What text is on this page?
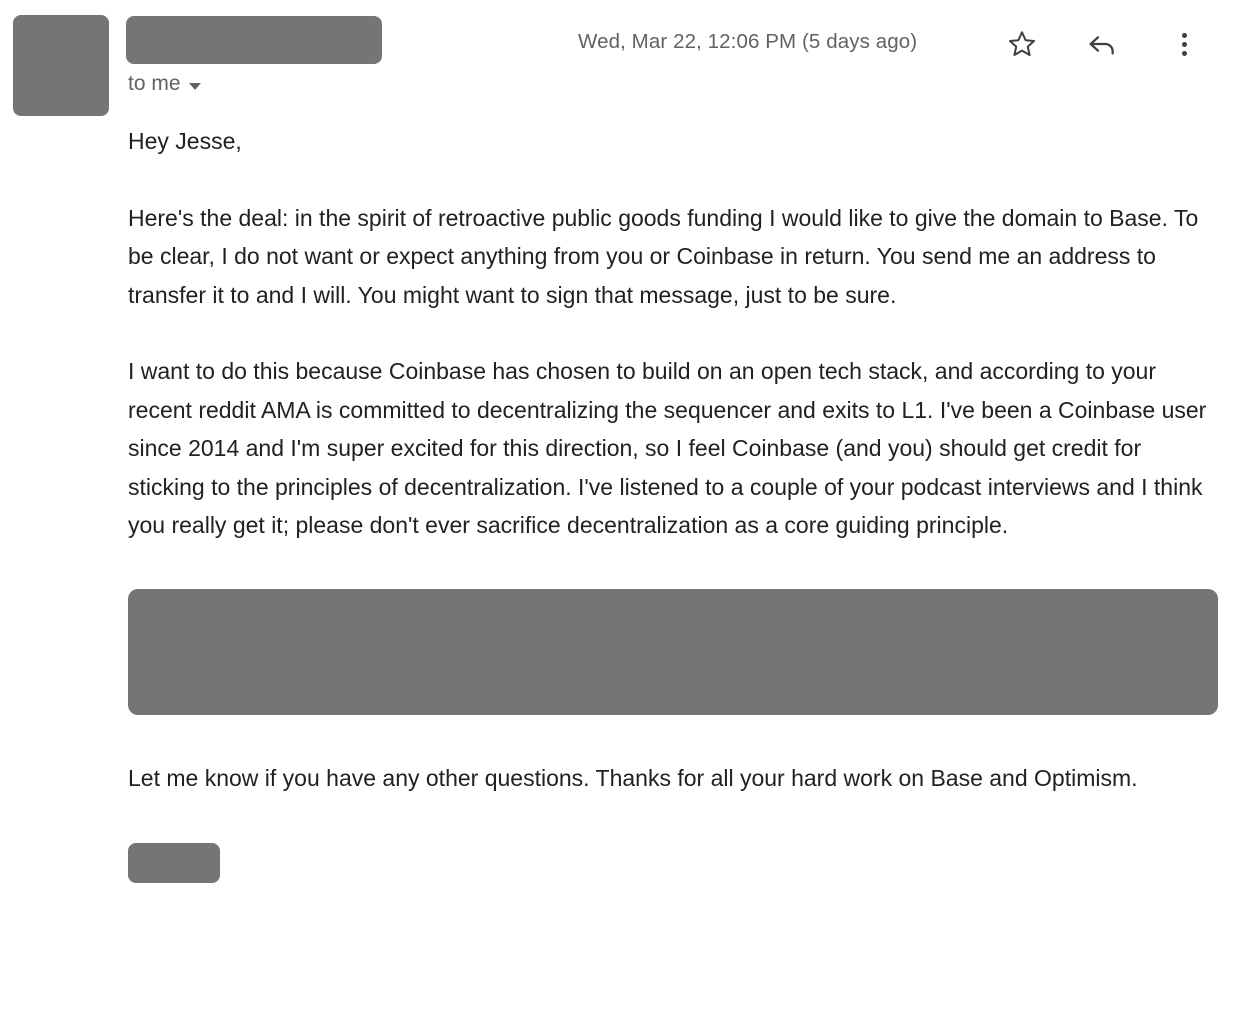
to me
Wed, Mar 22, 12:06 PM (5 days ago)

Hey Jesse,

Here's the deal: in the spirit of retroactive public goods funding I would like to give the domain to Base. To be clear, I do not want or expect anything from you or Coinbase in return. You send me an address to transfer it to and I will. You might want to sign that message, just to be sure.

I want to do this because Coinbase has chosen to build on an open tech stack, and according to your recent reddit AMA is committed to decentralizing the sequencer and exits to L1. I've been a Coinbase user since 2014 and I'm super excited for this direction, so I feel Coinbase (and you) should get credit for sticking to the principles of decentralization. I've listened to a couple of your podcast interviews and I think you really get it; please don't ever sacrifice decentralization as a core guiding principle.

Let me know if you have any other questions. Thanks for all your hard work on Base and Optimism.
